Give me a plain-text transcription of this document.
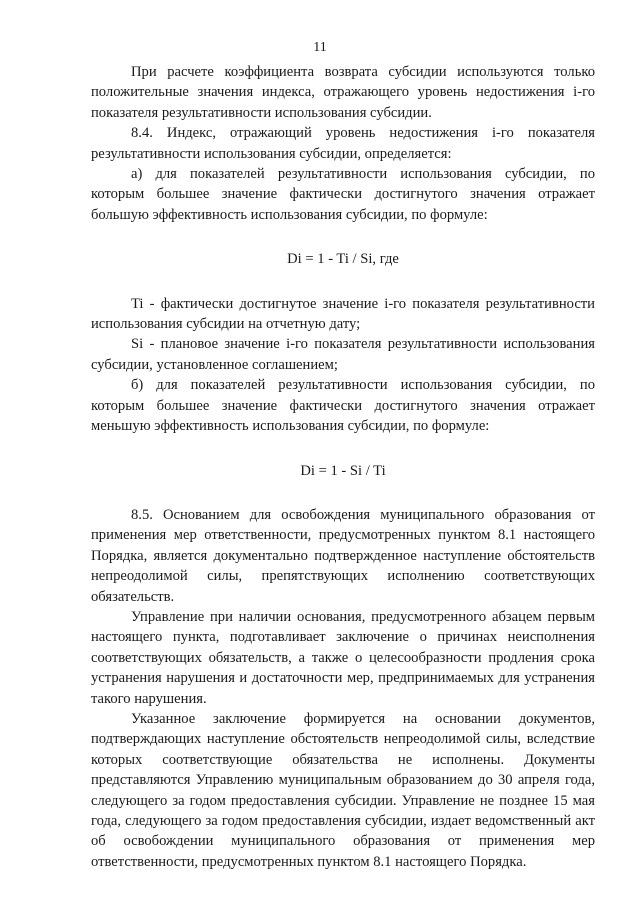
11

При расчете коэффициента возврата субсидии используются только положительные значения индекса, отражающего уровень недостижения i-го показателя результативности использования субсидии.

8.4. Индекс, отражающий уровень недостижения i-го показателя результативности использования субсидии, определяется:

а) для показателей результативности использования субсидии, по которым большее значение фактически достигнутого значения отражает большую эффективность использования субсидии, по формуле:

Di = 1 - Ti / Si, где

Ti - фактически достигнутое значение i-го показателя результативности использования субсидии на отчетную дату;

Si - плановое значение i-го показателя результативности использования субсидии, установленное соглашением;

б) для показателей результативности использования субсидии, по которым большее значение фактически достигнутого значения отражает меньшую эффективность использования субсидии, по формуле:

Di = 1 - Si / Ti

8.5. Основанием для освобождения муниципального образования от применения мер ответственности, предусмотренных пунктом 8.1 настоящего Порядка, является документально подтвержденное наступление обстоятельств непреодолимой силы, препятствующих исполнению соответствующих обязательств.

Управление при наличии основания, предусмотренного абзацем первым настоящего пункта, подготавливает заключение о причинах неисполнения соответствующих обязательств, а также о целесообразности продления срока устранения нарушения и достаточности мер, предпринимаемых для устранения такого нарушения.

Указанное заключение формируется на основании документов, подтверждающих наступление обстоятельств непреодолимой силы, вследствие которых соответствующие обязательства не исполнены. Документы представляются Управлению муниципальным образованием до 30 апреля года, следующего за годом предоставления субсидии. Управление не позднее 15 мая года, следующего за годом предоставления субсидии, издает ведомственный акт об освобождении муниципального образования от применения мер ответственности, предусмотренных пунктом 8.1 настоящего Порядка.
